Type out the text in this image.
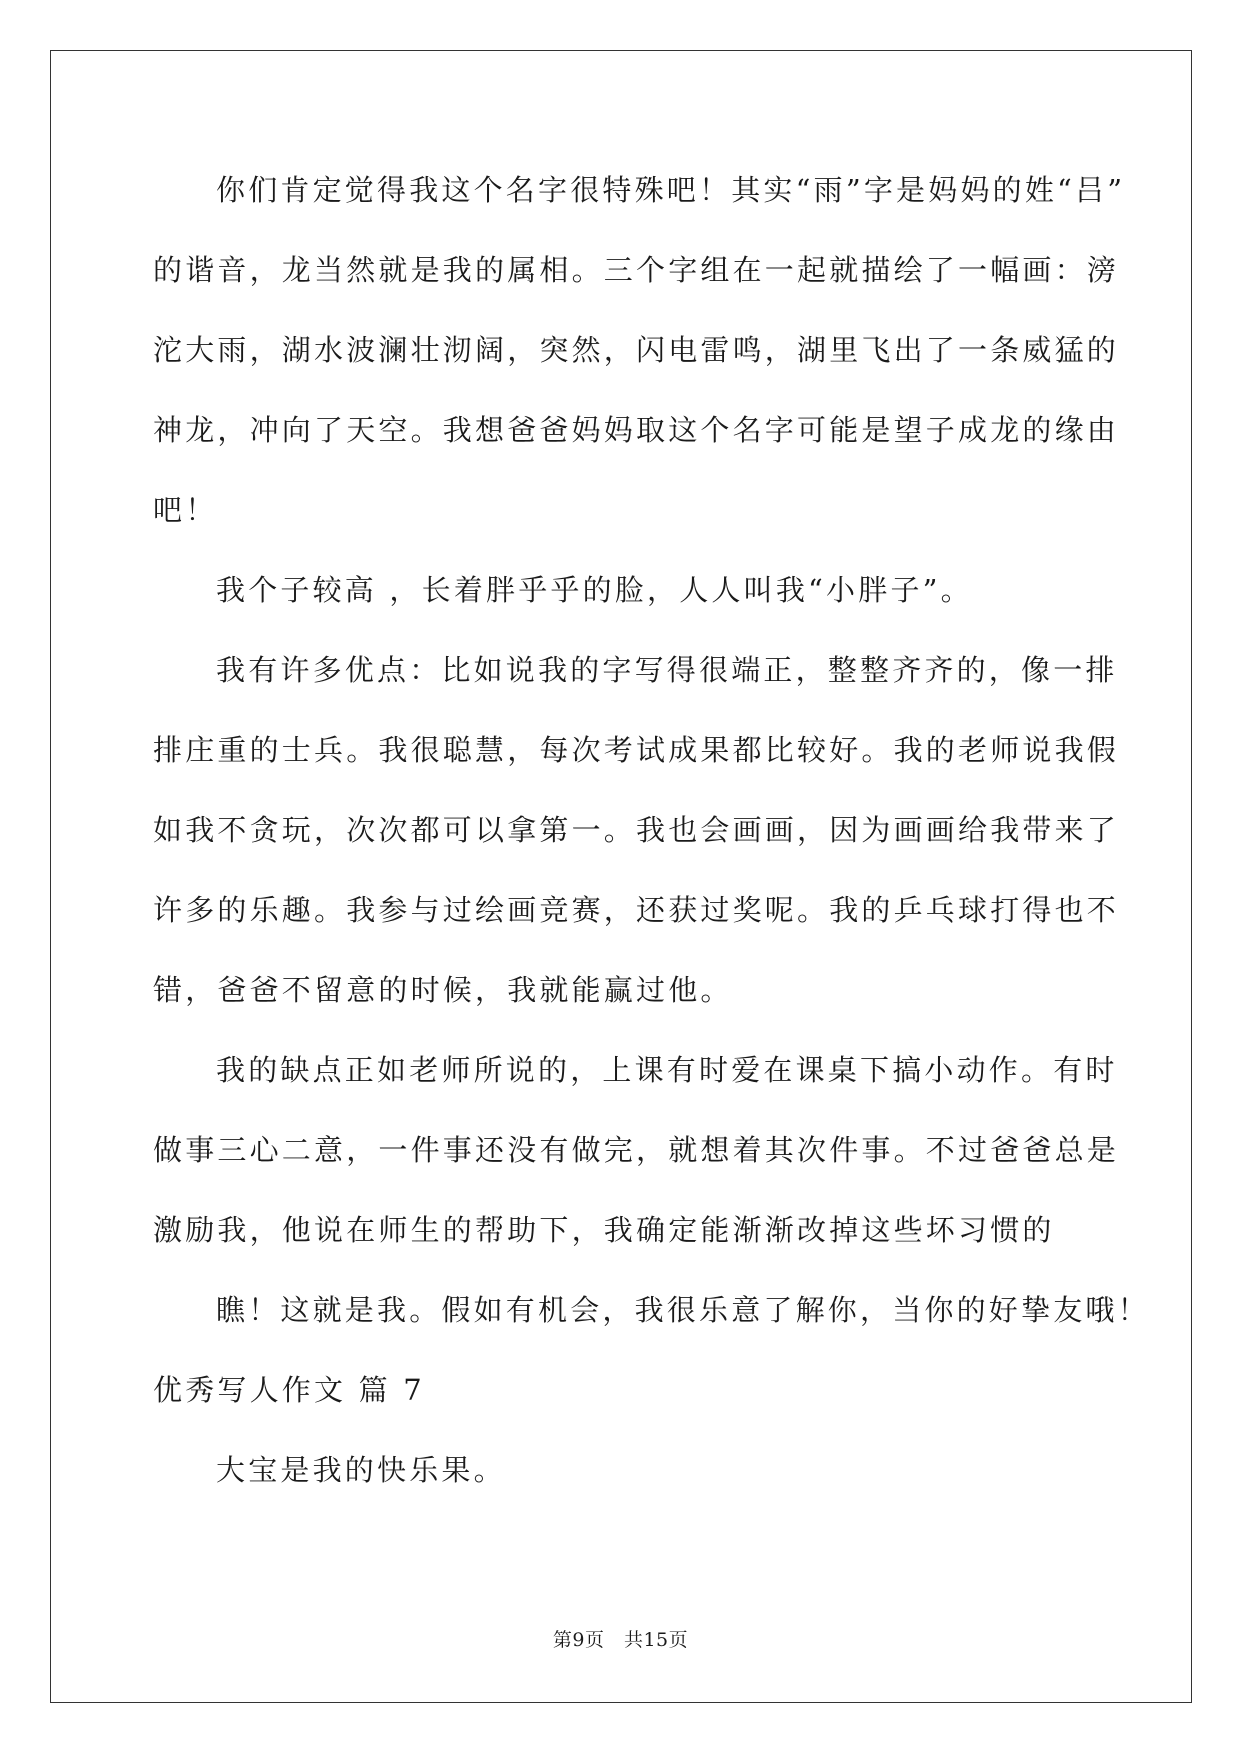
你们肯定觉得我这个名字很特殊吧！其实“雨”字是妈妈的姓“吕”
的谐音，龙当然就是我的属相。三个字组在一起就描绘了一幅画：滂
沱大雨，湖水波澜壮沏阔，突然，闪电雷鸣，湖里飞出了一条威猛的
神龙，冲向了天空。我想爸爸妈妈取这个名字可能是望子成龙的缘由
吧！
我个子较高 ，长着胖乎乎的脸，人人叫我“小胖子”。
我有许多优点：比如说我的字写得很端正，整整齐齐的，像一排
排庄重的士兵。我很聪慧，每次考试成果都比较好。我的老师说我假
如我不贪玩，次次都可以拿第一。我也会画画，因为画画给我带来了
许多的乐趣。我参与过绘画竞赛，还获过奖呢。我的乒乓球打得也不
错，爸爸不留意的时候，我就能赢过他。
我的缺点正如老师所说的，上课有时爱在课桌下搞小动作。有时
做事三心二意，一件事还没有做完，就想着其次件事。不过爸爸总是
激励我，他说在师生的帮助下，我确定能渐渐改掉这些坏习惯的
瞧！这就是我。假如有机会，我很乐意了解你，当你的好挚友哦！
优秀写人作文 篇 7
大宝是我的快乐果。
第9页　共15页
